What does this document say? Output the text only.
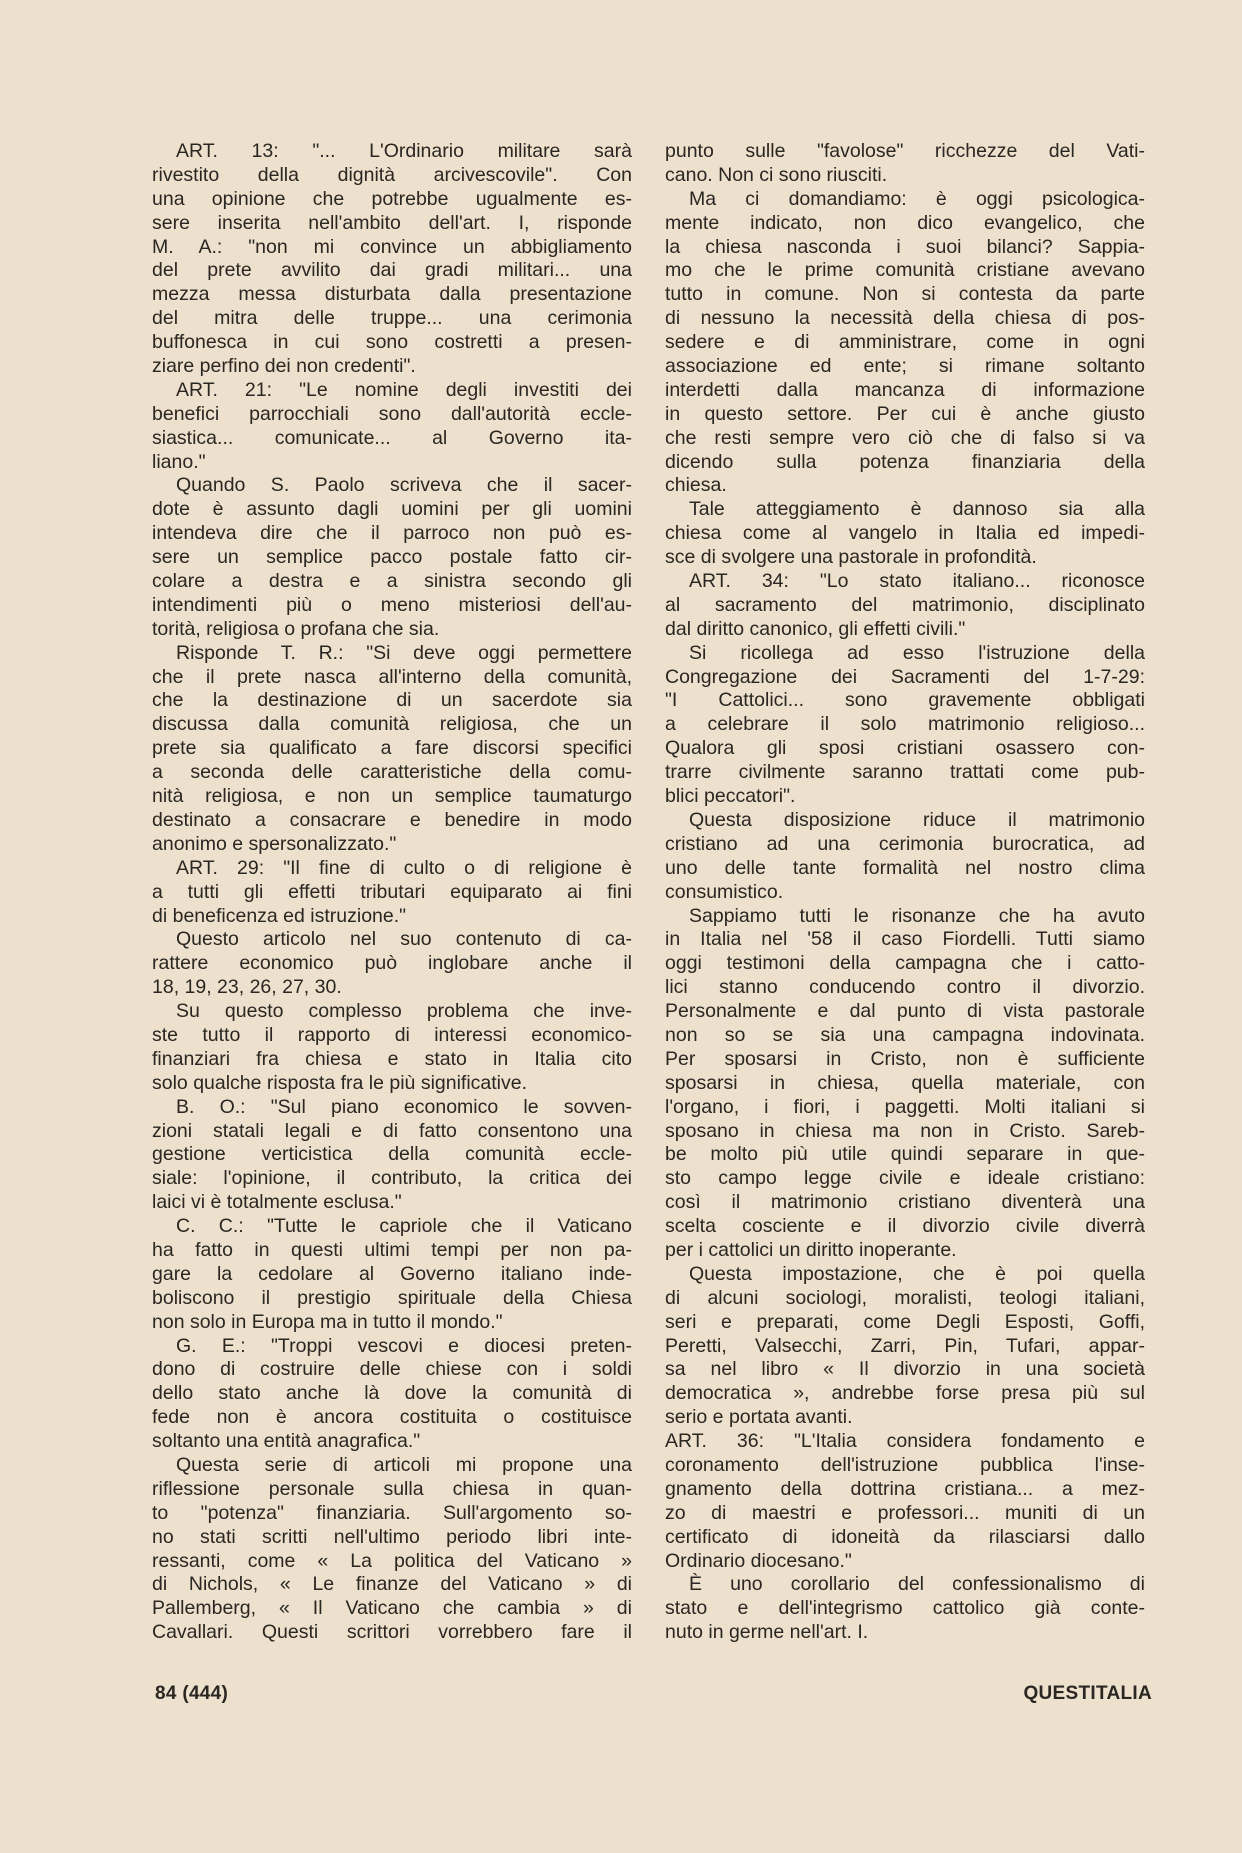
ART. 13: "... L'Ordinario militare sarà
rivestito della dignità arcivescovile". Con
una opinione che potrebbe ugualmente es-
sere inserita nell'ambito dell'art. I, risponde
M. A.: "non mi convince un abbigliamento
del prete avvilito dai gradi militari... una
mezza messa disturbata dalla presentazione
del mitra delle truppe... una cerimonia
buffonesca in cui sono costretti a presen-
ziare perfino dei non credenti".
ART. 21: "Le nomine degli investiti dei
benefici parrocchiali sono dall'autorità eccle-
siastica... comunicate... al Governo ita-
liano."
Quando S. Paolo scriveva che il sacer-
dote è assunto dagli uomini per gli uomini
intendeva dire che il parroco non può es-
sere un semplice pacco postale fatto cir-
colare a destra e a sinistra secondo gli
intendimenti più o meno misteriosi dell'au-
torità, religiosa o profana che sia.
Risponde T. R.: "Si deve oggi permettere
che il prete nasca all'interno della comunità,
che la destinazione di un sacerdote sia
discussa dalla comunità religiosa, che un
prete sia qualificato a fare discorsi specifici
a seconda delle caratteristiche della comu-
nità religiosa, e non un semplice taumaturgo
destinato a consacrare e benedire in modo
anonimo e spersonalizzato."
ART. 29: "Il fine di culto o di religione è
a tutti gli effetti tributari equiparato ai fini
di beneficenza ed istruzione."
Questo articolo nel suo contenuto di ca-
rattere economico può inglobare anche il
18, 19, 23, 26, 27, 30.
Su questo complesso problema che inve-
ste tutto il rapporto di interessi economico-
finanziari fra chiesa e stato in Italia cito
solo qualche risposta fra le più significative.
B. O.: "Sul piano economico le sovven-
zioni statali legali e di fatto consentono una
gestione verticistica della comunità eccle-
siale: l'opinione, il contributo, la critica dei
laici vi è totalmente esclusa."
C. C.: "Tutte le capriole che il Vaticano
ha fatto in questi ultimi tempi per non pa-
gare la cedolare al Governo italiano inde-
boliscono il prestigio spirituale della Chiesa
non solo in Europa ma in tutto il mondo."
G. E.: "Troppi vescovi e diocesi preten-
dono di costruire delle chiese con i soldi
dello stato anche là dove la comunità di
fede non è ancora costituita o costituisce
soltanto una entità anagrafica."
Questa serie di articoli mi propone una
riflessione personale sulla chiesa in quan-
to "potenza" finanziaria. Sull'argomento so-
no stati scritti nell'ultimo periodo libri inte-
ressanti, come « La politica del Vaticano »
di Nichols, « Le finanze del Vaticano » di
Pallemberg, « Il Vaticano che cambia » di
Cavallari. Questi scrittori vorrebbero fare il
punto sulle "favolose" ricchezze del Vati-
cano. Non ci sono riusciti.
Ma ci domandiamo: è oggi psicologica-
mente indicato, non dico evangelico, che
la chiesa nasconda i suoi bilanci? Sappia-
mo che le prime comunità cristiane avevano
tutto in comune. Non si contesta da parte
di nessuno la necessità della chiesa di pos-
sedere e di amministrare, come in ogni
associazione ed ente; si rimane soltanto
interdetti dalla mancanza di informazione
in questo settore. Per cui è anche giusto
che resti sempre vero ciò che di falso si va
dicendo sulla potenza finanziaria della
chiesa.
Tale atteggiamento è dannoso sia alla
chiesa come al vangelo in Italia ed impedi-
sce di svolgere una pastorale in profondità.
ART. 34: "Lo stato italiano... riconosce
al sacramento del matrimonio, disciplinato
dal diritto canonico, gli effetti civili."
Si ricollega ad esso l'istruzione della
Congregazione dei Sacramenti del 1-7-29:
"I Cattolici... sono gravemente obbligati
a celebrare il solo matrimonio religioso...
Qualora gli sposi cristiani osassero con-
trarre civilmente saranno trattati come pub-
blici peccatori".
Questa disposizione riduce il matrimonio
cristiano ad una cerimonia burocratica, ad
uno delle tante formalità nel nostro clima
consumistico.
Sappiamo tutti le risonanze che ha avuto
in Italia nel '58 il caso Fiordelli. Tutti siamo
oggi testimoni della campagna che i catto-
lici stanno conducendo contro il divorzio.
Personalmente e dal punto di vista pastorale
non so se sia una campagna indovinata.
Per sposarsi in Cristo, non è sufficiente
sposarsi in chiesa, quella materiale, con
l'organo, i fiori, i paggetti. Molti italiani si
sposano in chiesa ma non in Cristo. Sareb-
be molto più utile quindi separare in que-
sto campo legge civile e ideale cristiano:
così il matrimonio cristiano diventerà una
scelta cosciente e il divorzio civile diverrà
per i cattolici un diritto inoperante.
Questa impostazione, che è poi quella
di alcuni sociologi, moralisti, teologi italiani,
seri e preparati, come Degli Esposti, Goffi,
Peretti, Valsecchi, Zarri, Pin, Tufari, appar-
sa nel libro « Il divorzio in una società
democratica », andrebbe forse presa più sul
serio e portata avanti.
ART. 36: "L'Italia considera fondamento e
coronamento dell'istruzione pubblica l'inse-
gnamento della dottrina cristiana... a mez-
zo di maestri e professori... muniti di un
certificato di idoneità da rilasciarsi dallo
Ordinario diocesano."
È uno corollario del confessionalismo di
stato e dell'integrismo cattolico già conte-
nuto in germe nell'art. I.
84 (444)	QUESTITALIA
